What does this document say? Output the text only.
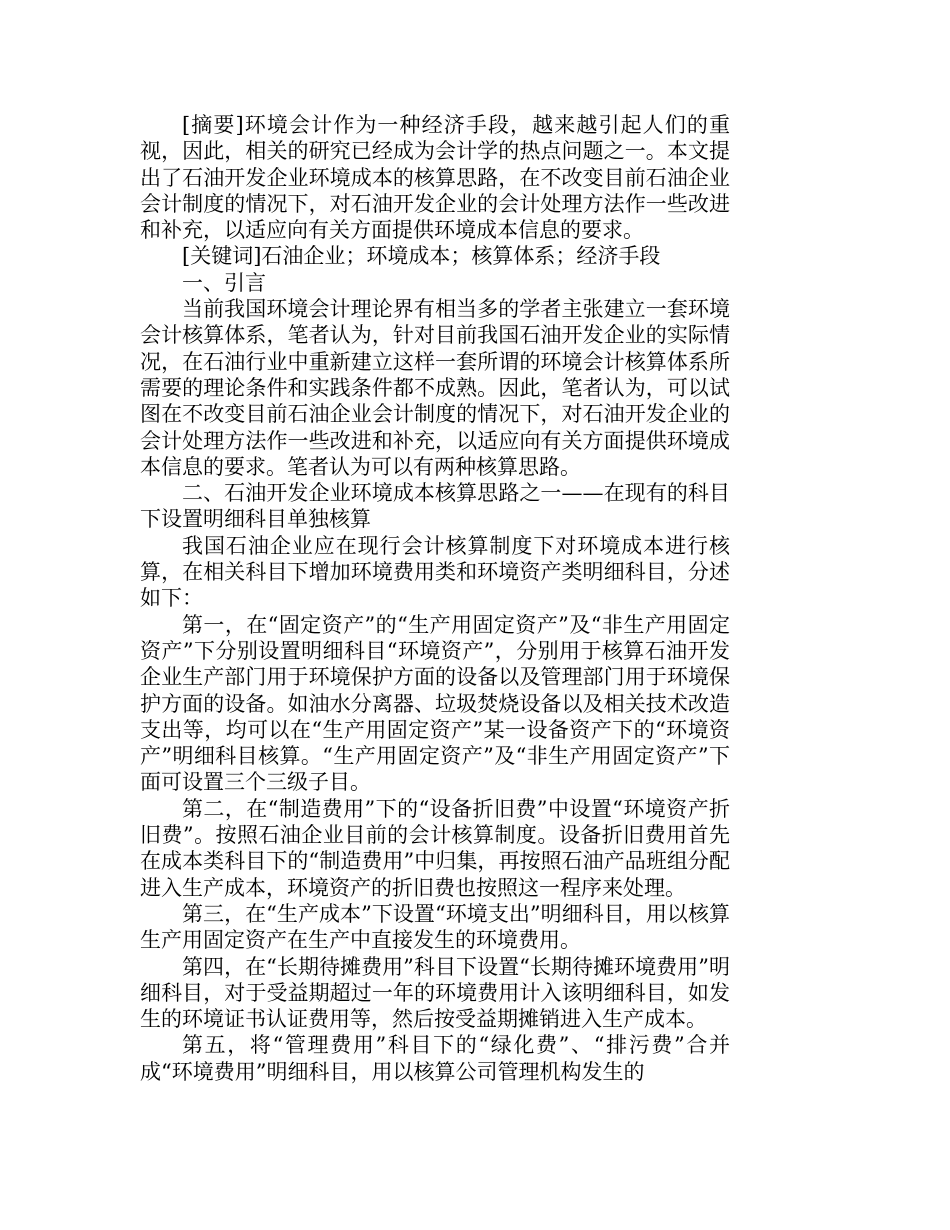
[摘要]环境会计作为一种经济手段，越来越引起人们的重视，因此，相关的研究已经成为会计学的热点问题之一。本文提出了石油开发企业环境成本的核算思路，在不改变目前石油企业会计制度的情况下，对石油开发企业的会计处理方法作一些改进和补充，以适应向有关方面提供环境成本信息的要求。

[关键词]石油企业；环境成本；核算体系；经济手段

一、引言

当前我国环境会计理论界有相当多的学者主张建立一套环境会计核算体系，笔者认为，针对目前我国石油开发企业的实际情况，在石油行业中重新建立这样一套所谓的环境会计核算体系所需要的理论条件和实践条件都不成熟。因此，笔者认为，可以试图在不改变目前石油企业会计制度的情况下，对石油开发企业的会计处理方法作一些改进和补充，以适应向有关方面提供环境成本信息的要求。笔者认为可以有两种核算思路。

二、石油开发企业环境成本核算思路之一——在现有的科目下设置明细科目单独核算

我国石油企业应在现行会计核算制度下对环境成本进行核算，在相关科目下增加环境费用类和环境资产类明细科目，分述如下：

第一，在“固定资产”的“生产用固定资产”及“非生产用固定资产”下分别设置明细科目“环境资产”，分别用于核算石油开发企业生产部门用于环境保护方面的设备以及管理部门用于环境保护方面的设备。如油水分离器、垃圾焚烧设备以及相关技术改造支出等，均可以在“生产用固定资产”某一设备资产下的“环境资产”明细科目核算。“生产用固定资产”及“非生产用固定资产”下面可设置三个三级子目。

第二，在“制造费用”下的“设备折旧费”中设置“环境资产折旧费”。按照石油企业目前的会计核算制度。设备折旧费用首先在成本类科目下的“制造费用”中归集，再按照石油产品班组分配进入生产成本，环境资产的折旧费也按照这一程序来处理。

第三，在“生产成本”下设置“环境支出”明细科目，用以核算生产用固定资产在生产中直接发生的环境费用。

第四，在“长期待摊费用”科目下设置“长期待摊环境费用”明细科目，对于受益期超过一年的环境费用计入该明细科目，如发生的环境证书认证费用等，然后按受益期摊销进入生产成本。

第五，将“管理费用”科目下的“绿化费”、“排污费”合并成“环境费用”明细科目，用以核算公司管理机构发生的
